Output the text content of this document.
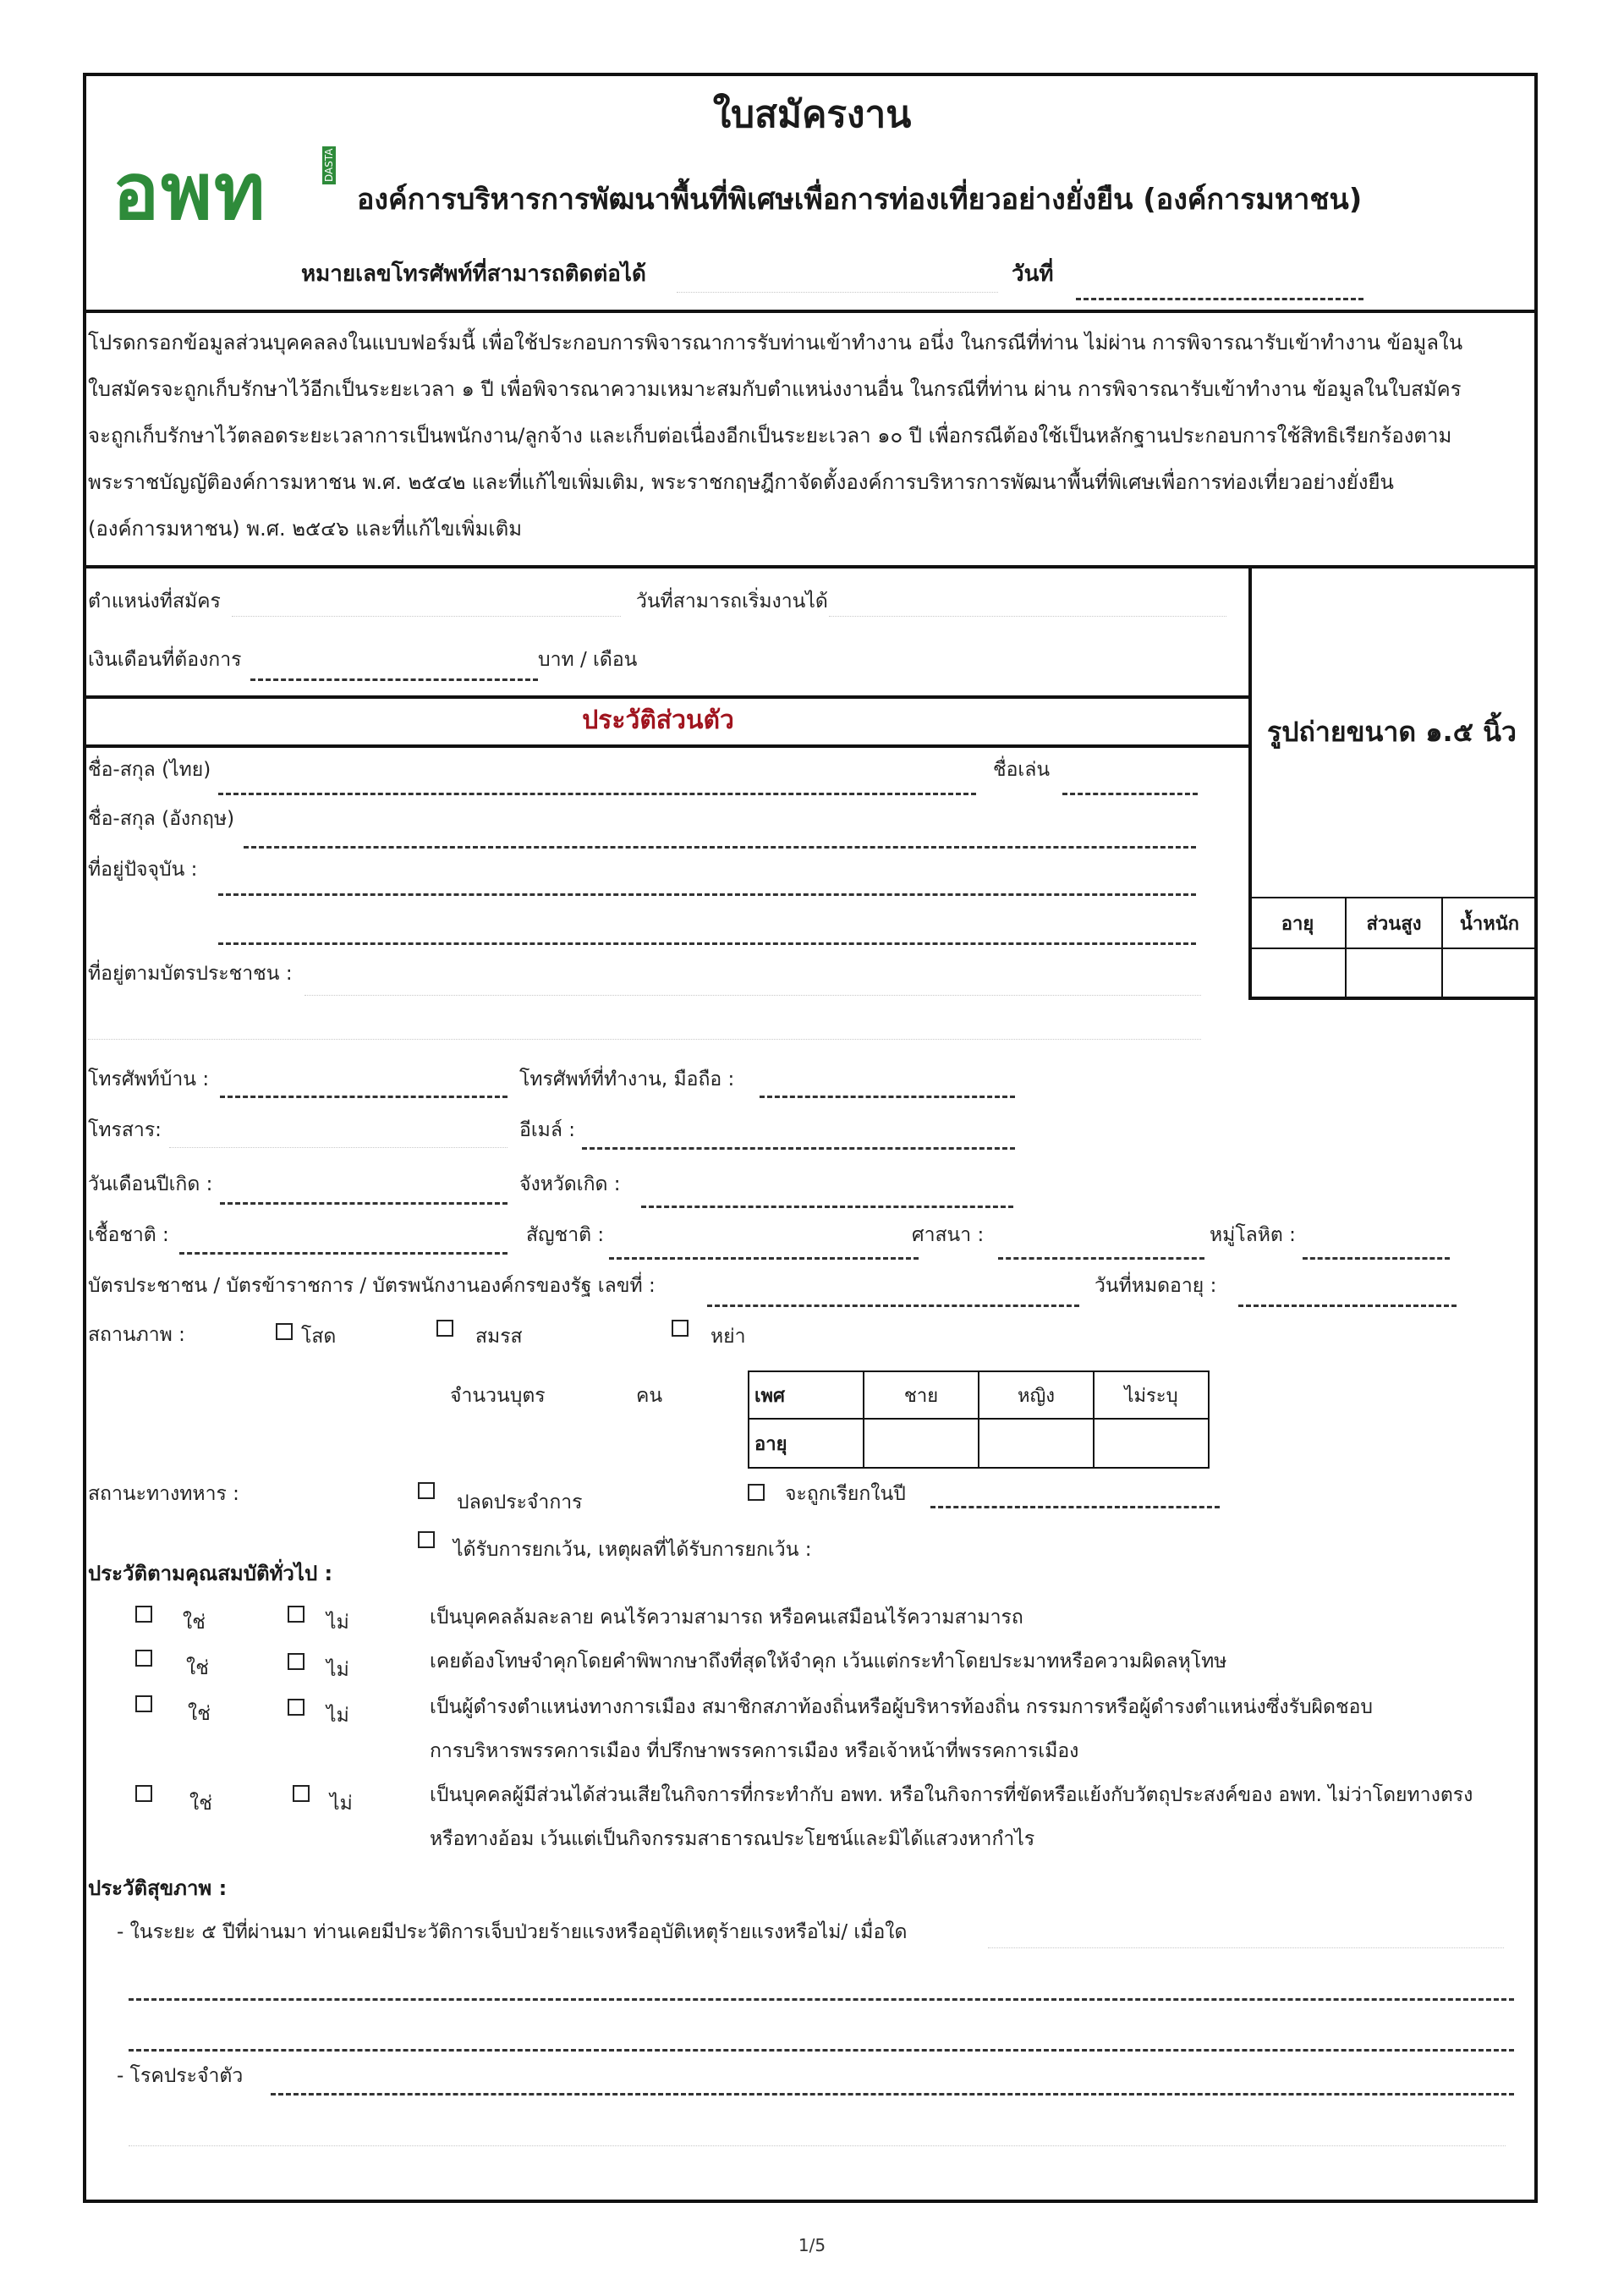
ใบสมัครงาน
อพท	DASTA
องค์การบริหารการพัฒนาพื้นที่พิเศษเพื่อการท่องเที่ยวอย่างยั่งยืน (องค์การมหาชน)
หมายเลขโทรศัพท์ที่สามารถติดต่อได้	วันที่
โปรดกรอกข้อมูลส่วนบุคคลลงในแบบฟอร์มนี้ เพื่อใช้ประกอบการพิจารณาการรับท่านเข้าทำงาน อนึ่ง ในกรณีที่ท่าน ไม่ผ่าน การพิจารณารับเข้าทำงาน ข้อมูลใน
ใบสมัครจะถูกเก็บรักษาไว้อีกเป็นระยะเวลา ๑ ปี เพื่อพิจารณาความเหมาะสมกับตำแหน่งงานอื่น ในกรณีที่ท่าน ผ่าน การพิจารณารับเข้าทำงาน ข้อมูลในใบสมัคร
จะถูกเก็บรักษาไว้ตลอดระยะเวลาการเป็นพนักงาน/ลูกจ้าง และเก็บต่อเนื่องอีกเป็นระยะเวลา ๑๐ ปี เพื่อกรณีต้องใช้เป็นหลักฐานประกอบการใช้สิทธิเรียกร้องตาม
พระราชบัญญัติองค์การมหาชน พ.ศ. ๒๕๔๒ และที่แก้ไขเพิ่มเติม, พระราชกฤษฎีกาจัดตั้งองค์การบริหารการพัฒนาพื้นที่พิเศษเพื่อการท่องเที่ยวอย่างยั่งยืน
(องค์การมหาชน) พ.ศ. ๒๕๔๖ และที่แก้ไขเพิ่มเติม
ตำแหน่งที่สมัคร	วันที่สามารถเริ่มงานได้
เงินเดือนที่ต้องการ	บาท / เดือน
รูปถ่ายขนาด ๑.๕ นิ้ว
อายุ	ส่วนสูง	น้ำหนัก
ประวัติส่วนตัว
ชื่อ-สกุล (ไทย)	ชื่อเล่น
ชื่อ-สกุล (อังกฤษ)
ที่อยู่ปัจจุบัน :
ที่อยู่ตามบัตรประชาชน :
โทรศัพท์บ้าน :	โทรศัพท์ที่ทำงาน, มือถือ :
โทรสาร:	อีเมล์ :
วันเดือนปีเกิด :	จังหวัดเกิด :
เชื้อชาติ :	สัญชาติ :	ศาสนา :	หมู่โลหิต :
บัตรประชาชน / บัตรข้าราชการ / บัตรพนักงานองค์กรของรัฐ เลขที่ :	วันที่หมดอายุ :
สถานภาพ :	โสด	สมรส	หย่า
จำนวนบุตร	คน	เพศ	ชาย	หญิง	ไม่ระบุ
อายุ
สถานะทางทหาร :	ปลดประจำการ	จะถูกเรียกในปี
ได้รับการยกเว้น, เหตุผลที่ได้รับการยกเว้น :
ประวัติตามคุณสมบัติทั่วไป :
ใช่	ไม่	เป็นบุคคลล้มละลาย คนไร้ความสามารถ หรือคนเสมือนไร้ความสามารถ
ใช่	ไม่	เคยต้องโทษจำคุกโดยคำพิพากษาถึงที่สุดให้จำคุก เว้นแต่กระทำโดยประมาทหรือความผิดลหุโทษ
ใช่	ไม่	เป็นผู้ดำรงตำแหน่งทางการเมือง สมาชิกสภาท้องถิ่นหรือผู้บริหารท้องถิ่น กรรมการหรือผู้ดำรงตำแหน่งซึ่งรับผิดชอบ
การบริหารพรรคการเมือง ที่ปรึกษาพรรคการเมือง หรือเจ้าหน้าที่พรรคการเมือง
ใช่	ไม่	เป็นบุคคลผู้มีส่วนได้ส่วนเสียในกิจการที่กระทำกับ อพท. หรือในกิจการที่ขัดหรือแย้งกับวัตถุประสงค์ของ อพท. ไม่ว่าโดยทางตรง
หรือทางอ้อม เว้นแต่เป็นกิจกรรมสาธารณประโยชน์และมิได้แสวงหากำไร
ประวัติสุขภาพ :
- ในระยะ ๕ ปีที่ผ่านมา ท่านเคยมีประวัติการเจ็บป่วยร้ายแรงหรืออุบัติเหตุร้ายแรงหรือไม่/ เมื่อใด
- โรคประจำตัว
1/5
